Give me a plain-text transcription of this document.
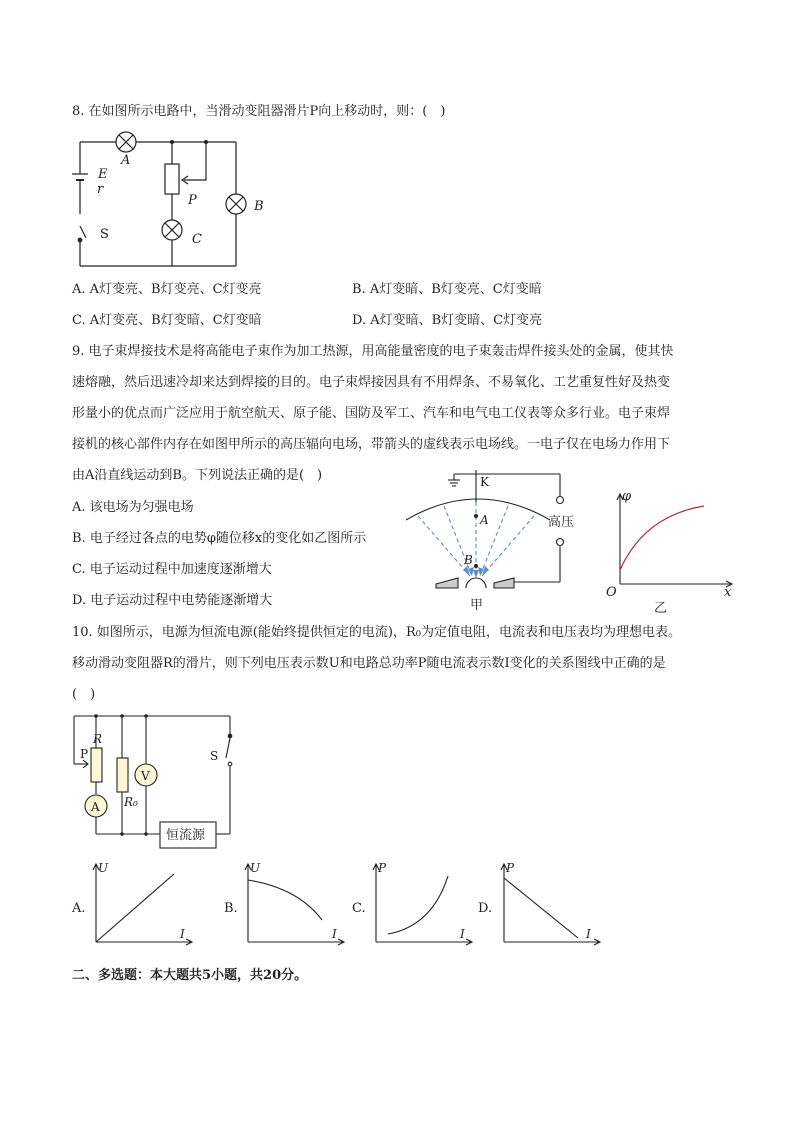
8. 在如图所示电路中，当滑动变阻器滑片P向上移动时，则：(　)
A
E
r
P	B
S	C
A. A灯变亮、B灯变亮、C灯变亮	B. A灯变暗、B灯变亮、C灯变暗
C. A灯变亮、B灯变暗、C灯变暗	D. A灯变暗、B灯变暗、C灯变亮
9. 电子束焊接技术是将高能电子束作为加工热源，用高能量密度的电子束轰击焊件接头处的金属，使其快
速熔融，然后迅速冷却来达到焊接的目的。电子束焊接因具有不用焊条、不易氧化、工艺重复性好及热变
形量小的优点而广泛应用于航空航天、原子能、国防及军工、汽车和电气电工仪表等众多行业。电子束焊
接机的核心部件内存在如图甲所示的高压辐向电场，带箭头的虚线表示电场线。一电子仅在电场力作用下
由A沿直线运动到B。下列说法正确的是(　)
A. 该电场为匀强电场
B. 电子经过各点的电势φ随位移x的变化如乙图所示
C. 电子运动过程中加速度逐渐增大
D. 电子运动过程中电势能逐渐增大
K
高压
A
B
甲
φ
x
O
乙
10. 如图所示，电源为恒流电源(能始终提供恒定的电流)，R₀为定值电阻，电流表和电压表均为理想电表。
移动滑动变阻器R的滑片，则下列电压表示数U和电路总功率P随电流表示数I变化的关系图线中正确的是
(　)
R
P
R₀
V
A
S
恒流源
A.
U
I
B.
U
I
C.
P
I
D.
P
I
二、多选题：本大题共5小题，共20分。
